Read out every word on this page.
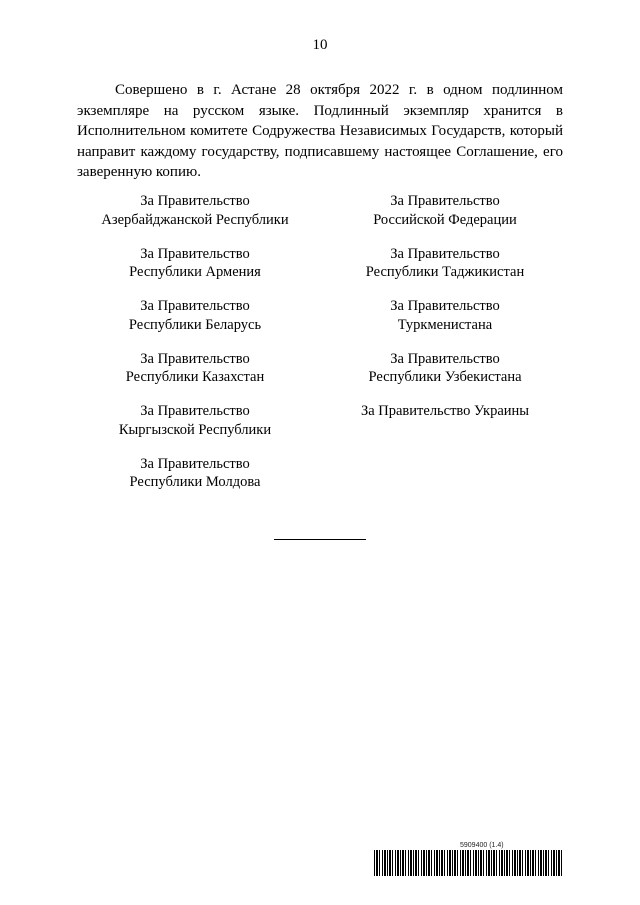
10

Совершено в г. Астане 28 октября 2022 г. в одном подлинном экземпляре на русском языке. Подлинный экземпляр хранится в Исполнительном комитете Содружества Независимых Государств, который направит каждому государству, подписавшему настоящее Соглашение, его заверенную копию.

За Правительство
Азербайджанской Республики
За Правительство
Республики Армения
За Правительство
Республики Беларусь
За Правительство
Республики Казахстан
За Правительство
Кыргызской Республики
За Правительство
Республики Молдова
За Правительство
Российской Федерации
За Правительство
Республики Таджикистан
За Правительство
Туркменистана
За Правительство
Республики Узбекистана
За Правительство Украины
5909400 (1.4)
